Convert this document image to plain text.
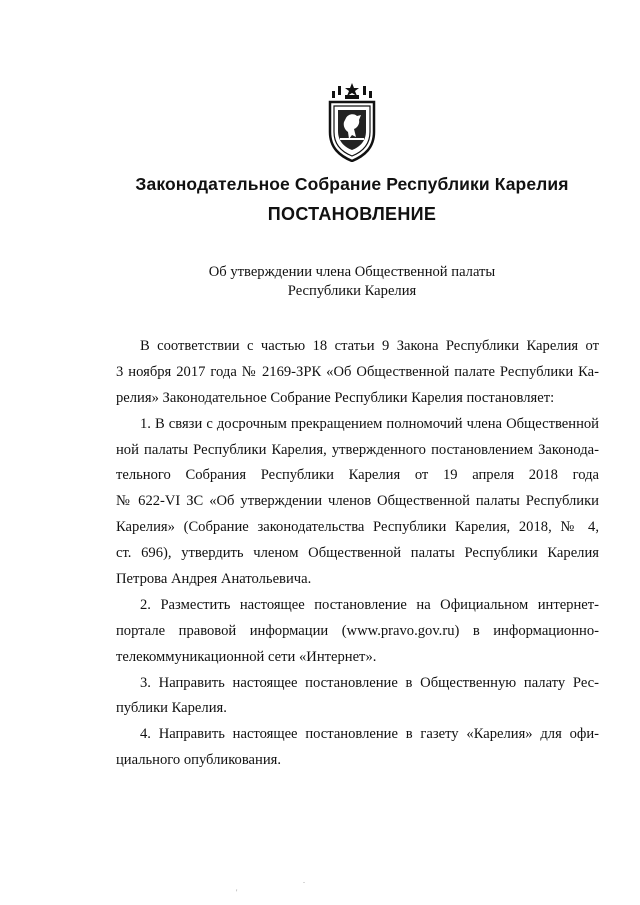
Законодательное Собрание Республики Карелия
ПОСТАНОВЛЕНИЕ
Об утверждении члена Общественной палаты
Республики Карелия
В соответствии с частью 18 статьи 9 Закона Республики Карелия от
3 ноября 2017 года № 2169-ЗРК «Об Общественной палате Республики Ка-
релия» Законодательное Собрание Республики Карелия постановляет:
1. В связи с досрочным прекращением полномочий члена Общественной
ной палаты Республики Карелия, утвержденного постановлением Законода-
тельного Собрания Республики Карелия от 19 апреля 2018 года
№ 622-VI ЗС «Об утверждении членов Общественной палаты Республики
Карелия» (Собрание законодательства Республики Карелия, 2018, № 4,
ст. 696), утвердить членом Общественной палаты Республики Карелия
Петрова Андрея Анатольевича.
2. Разместить настоящее постановление на Официальном интернет-
портале правовой информации (www.pravo.gov.ru) в информационно-
телекоммуникационной сети «Интернет».
3. Направить настоящее постановление в Общественную палату Рес-
публики Карелия.
4. Направить настоящее постановление в газету «Карелия» для офи-
циального опубликования.
'
.
